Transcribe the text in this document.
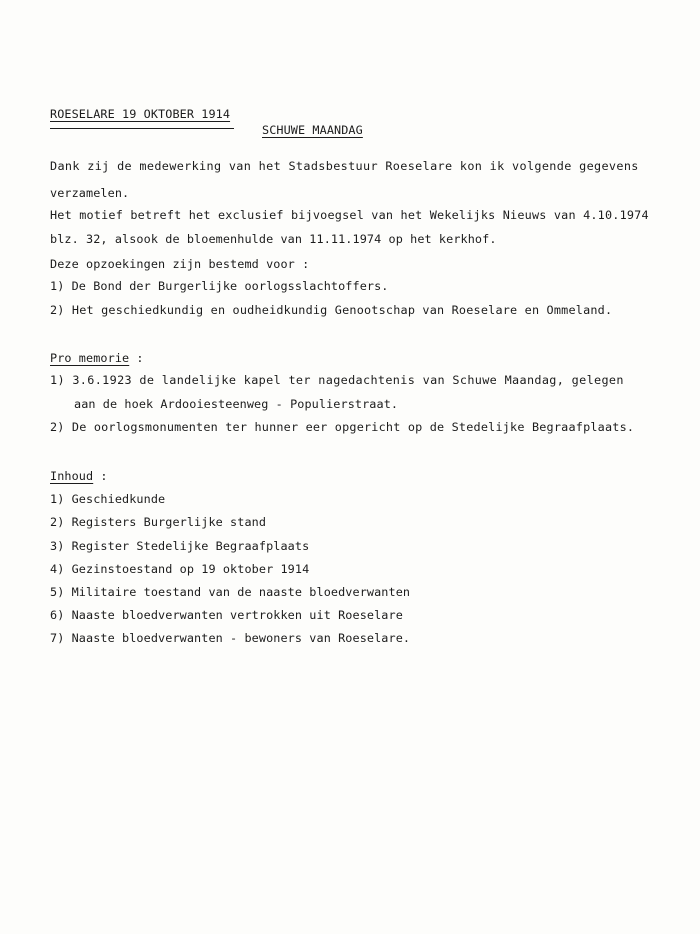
ROESELARE 19 OKTOBER 1914

SCHUWE MAANDAG

Dank zij de medewerking van het Stadsbestuur Roeselare kon ik volgende gegevens

verzamelen.

Het motief betreft het exclusief bijvoegsel van het Wekelijks Nieuws van 4.10.1974

blz. 32, alsook de bloemenhulde van 11.11.1974 op het kerkhof.

Deze opzoekingen zijn bestemd voor :

1) De Bond der Burgerlijke oorlogsslachtoffers.

2) Het geschiedkundig en oudheidkundig Genootschap van Roeselare en Ommeland.

Pro memorie :

1) 3.6.1923 de landelijke kapel ter nagedachtenis van Schuwe Maandag, gelegen

aan de hoek Ardooiesteenweg - Populierstraat.

2) De oorlogsmonumenten ter hunner eer opgericht op de Stedelijke Begraafplaats.

Inhoud :

1) Geschiedkunde

2) Registers Burgerlijke stand

3) Register Stedelijke Begraafplaats

4) Gezinstoestand op 19 oktober 1914

5) Militaire toestand van de naaste bloedverwanten

6) Naaste bloedverwanten vertrokken uit Roeselare

7) Naaste bloedverwanten - bewoners van Roeselare.
